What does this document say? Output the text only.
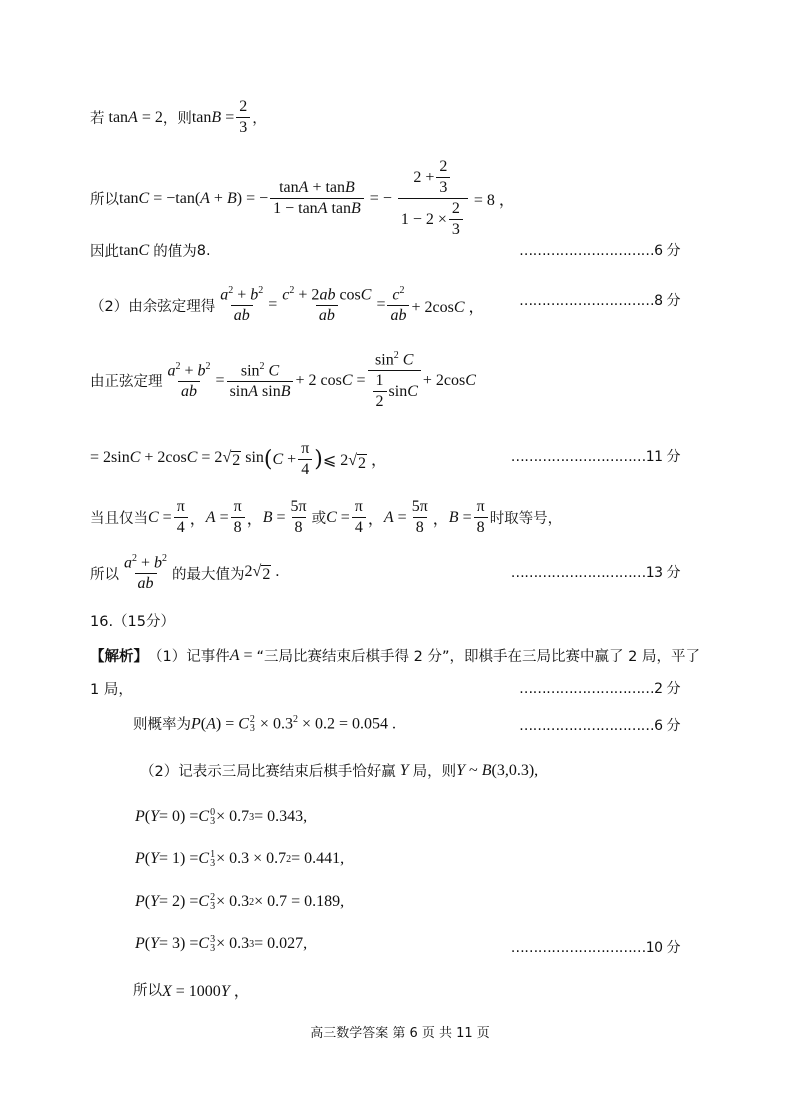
若 tanA = 2 ，则 $\tan B = \frac{2}{3}$ ，
所以 tanC = −tan(A + B) = − $\frac{\tan A + \tan B}{\text{1 − tanA tanB}}$ = − $\frac{2 + \frac{2}{3}}{1 - 2 \times \frac{2}{3}} = 8$ ，
因此 tanC 的值为 8.	…………………………6 分
（2）由余弦定理得 $\frac{a^2 + b^2}{ab} = \frac{c^2 + 2ab \cos C}{ab} = \frac{c^2}{ab} + 2\cos C$ ， …………………………8 分
由正弦定理 $\frac{a^2 + b^2}{ab} = \frac{\sin^2 C}{\text{sinA sinB}} + 2$ $\cos C = \frac{\sin^2 C}{\frac{1}{2} \sin C} + 2\cos C$
= 2sinC + 2cosC = 2 √ 2 sin ( $C + \frac{\pi}{4}$ ) ⩽ 2 √ 2 ，	…………………………11 分
当且仅当 $C = \frac{\pi}{4}$ ， $A = \frac{\pi}{8}$ ， $B = \frac{5\pi}{8}$ 或 $C = \frac{\pi}{4}$ ， $A = \frac{5\pi}{8}$ ， $B = \frac{\pi}{8}$ 时取等号，
所以 $\frac{a^2 + b^2}{ab}$ 的最大值为 2 √ 2 .	…………………………13 分
16.（15分）
【解析】 （1）记事件 A = “三局比赛结束后棋手得 2 分”，即棋手在三局比赛中赢了 2 局，平了
1 局，	…………………………2 分
则概率为 P(A) = C 2
$3 \times 0.3^2 \times 0.2 = 0.054$ .	…………………………6 分
（2）记表示三局比赛结束后棋手恰好赢 Y 局，则 Y ~ B(3,0.3),
P ( Y = 0) = C 0
3 × 0.7 3 = 0.343,
P ( Y = 1) = C 1
3 × 0.3 × 0.7 2 = 0.441,
P ( Y = 2) = C 2
3 × 0.3 2 × 0.7 = 0.189,
P ( Y = 3) = C 3
3 × 0.3 3 = 0.027,	…………………………10 分
所以 X = 1000Y ，
高三数学答案 第 6 页 共 11 页
